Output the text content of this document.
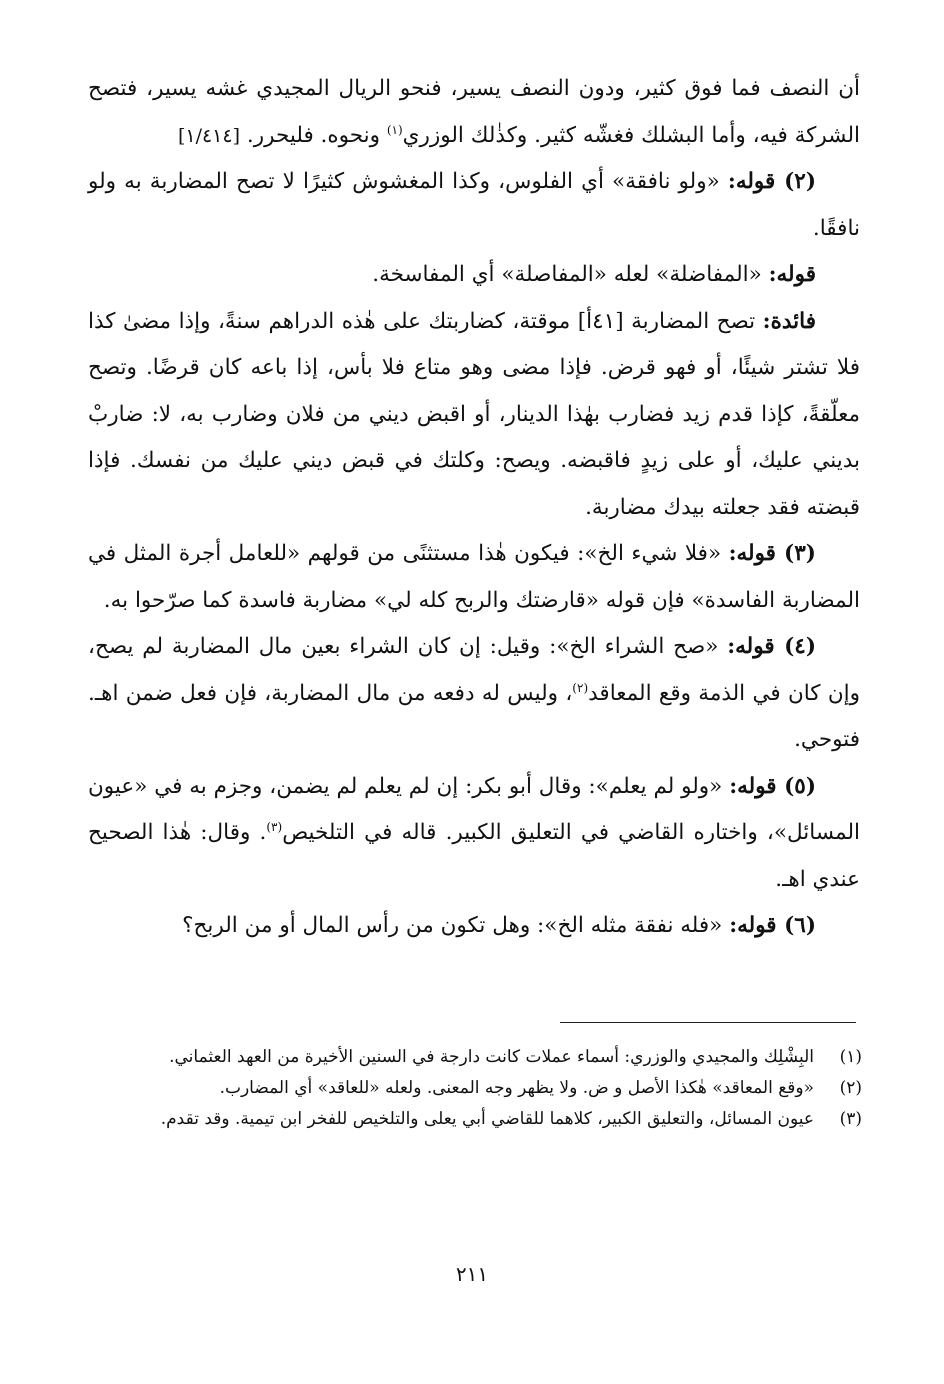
أن النصف فما فوق كثير، ودون النصف يسير، فنحو الريال المجيدي غشه يسير، فتصح الشركة فيه، وأما البشلك فغشّه كثير. وكذٰلك الوزري$^{(١)}$ ونحوه. فليحرر. [١/٤١٤]

(٢) قوله: «ولو نافقة» أي الفلوس، وكذا المغشوش كثيرًا لا تصح المضاربة به ولو نافقًا.

قوله: «المفاضلة» لعله «المفاصلة» أي المفاسخة.

فائدة: تصح المضاربة [٤١أ] موقتة، كضاربتك على هٰذه الدراهم سنةً، وإذا مضىٰ كذا فلا تشتر شيئًا، أو فهو قرض. فإذا مضى وهو متاع فلا بأس، إذا باعه كان قرضًا. وتصح معلّقةً، كإذا قدم زيد فضارب بهٰذا الدينار، أو اقبض ديني من فلان وضارب به، لا: ضاربْ بديني عليك، أو على زيدٍ فاقبضه. ويصح: وكلتك في قبض ديني عليك من نفسك. فإذا قبضته فقد جعلته بيدك مضاربة.

(٣) قوله: «فلا شيء الخ»: فيكون هٰذا مستثنًى من قولهم «للعامل أجرة المثل في المضاربة الفاسدة» فإن قوله «قارضتك والربح كله لي» مضاربة فاسدة كما صرّحوا به.

(٤) قوله: «صح الشراء الخ»: وقيل: إن كان الشراء بعين مال المضاربة لم يصح، وإن كان في الذمة وقع المعاقد$^{(٢)}$، وليس له دفعه من مال المضاربة، فإن فعل ضمن اهـ. فتوحي.

(٥) قوله: «ولو لم يعلم»: وقال أبو بكر: إن لم يعلم لم يضمن، وجزم به في «عيون المسائل»، واختاره القاضي في التعليق الكبير. قاله في التلخيص$^{(٣)}$. وقال: هٰذا الصحيح عندي اهـ.

(٦) قوله: «فله نفقة مثله الخ»: وهل تكون من رأس المال أو من الربح؟

(١)
البِشْلِك والمجيدي والوزري: أسماء عملات كانت دارجة في السنين الأخيرة من العهد العثماني.
(٢)
«وقع المعاقد» هٰكذا الأصل و ض. ولا يظهر وجه المعنى. ولعله «للعاقد» أي المضارب.
(٣)
عيون المسائل، والتعليق الكبير، كلاهما للقاضي أبي يعلى والتلخيص للفخر ابن تيمية. وقد تقدم.
٢١١
